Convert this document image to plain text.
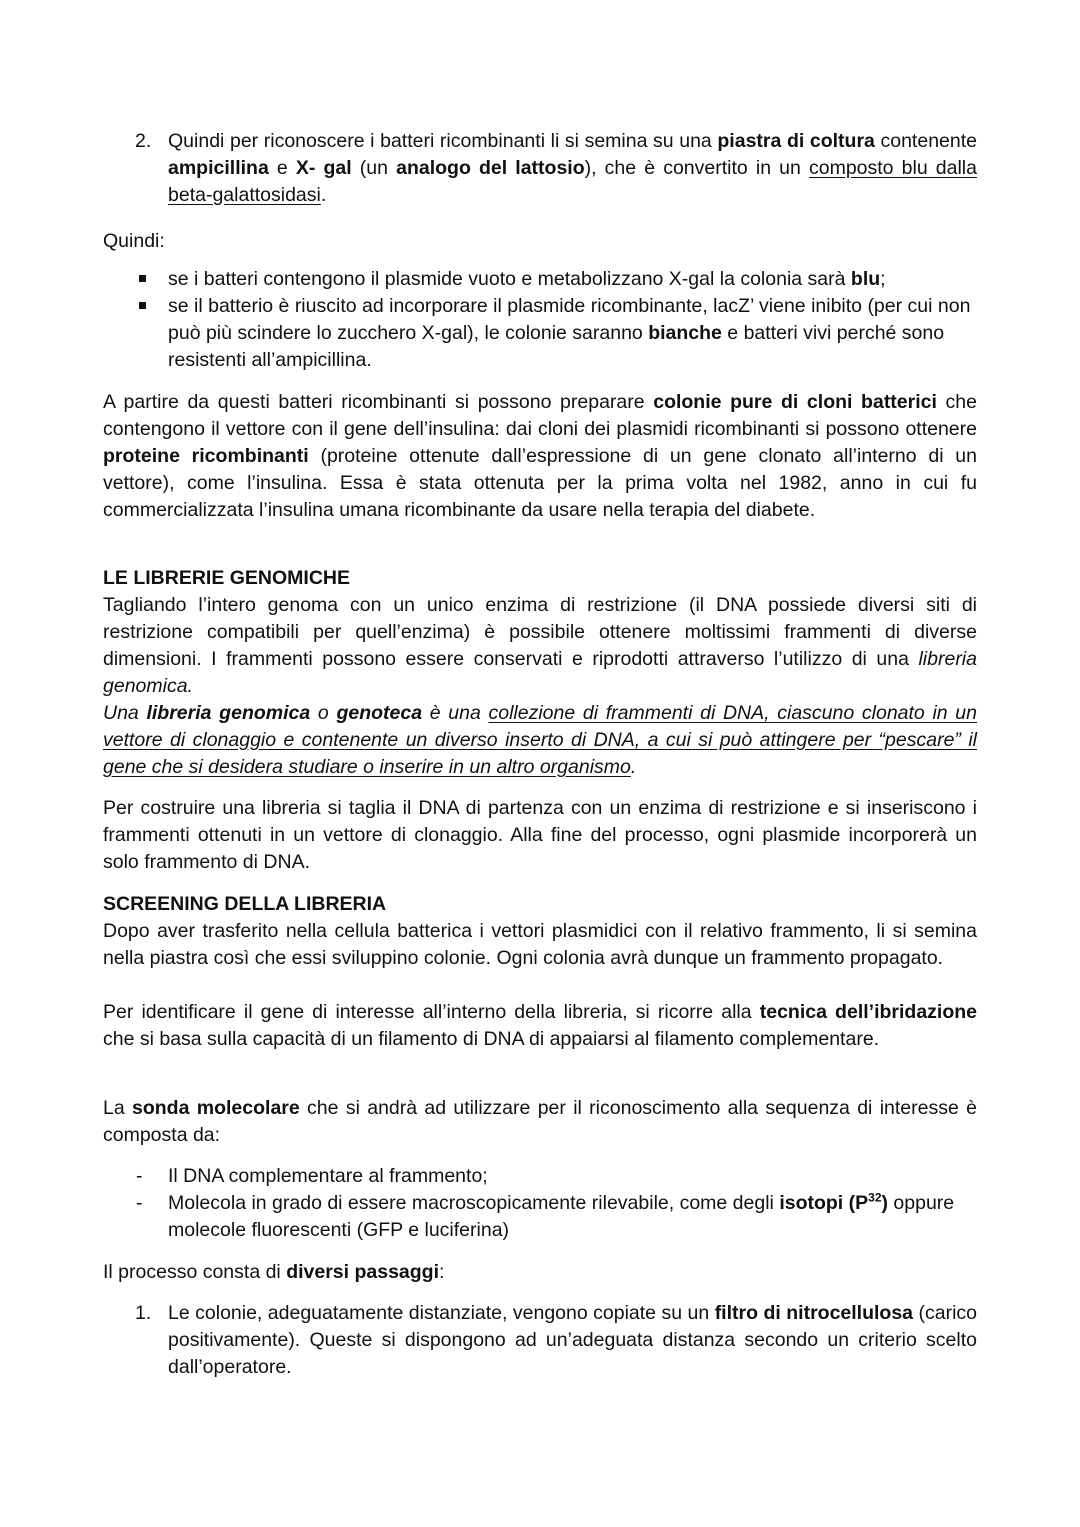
2. Quindi per riconoscere i batteri ricombinanti li si semina su una piastra di coltura contenente ampicillina e X- gal (un analogo del lattosio), che è convertito in un composto blu dalla beta-galattosidasi.
Quindi:
se i batteri contengono il plasmide vuoto e metabolizzano X-gal la colonia sarà blu;
se il batterio è riuscito ad incorporare il plasmide ricombinante, lacZ’ viene inibito (per cui non può più scindere lo zucchero X-gal), le colonie saranno bianche e batteri vivi perché sono resistenti all’ampicillina.
A partire da questi batteri ricombinanti si possono preparare colonie pure di cloni batterici che contengono il vettore con il gene dell’insulina: dai cloni dei plasmidi ricombinanti si possono ottenere proteine ricombinanti (proteine ottenute dall’espressione di un gene clonato all’interno di un vettore), come l’insulina. Essa è stata ottenuta per la prima volta nel 1982, anno in cui fu commercializzata l’insulina umana ricombinante da usare nella terapia del diabete.
LE LIBRERIE GENOMICHE
Tagliando l’intero genoma con un unico enzima di restrizione (il DNA possiede diversi siti di restrizione compatibili per quell’enzima) è possibile ottenere moltissimi frammenti di diverse dimensioni. I frammenti possono essere conservati e riprodotti attraverso l’utilizzo di una libreria genomica.
Una libreria genomica o genoteca è una collezione di frammenti di DNA, ciascuno clonato in un vettore di clonaggio e contenente un diverso inserto di DNA, a cui si può attingere per “pescare” il gene che si desidera studiare o inserire in un altro organismo.
Per costruire una libreria si taglia il DNA di partenza con un enzima di restrizione e si inseriscono i frammenti ottenuti in un vettore di clonaggio. Alla fine del processo, ogni plasmide incorporerà un solo frammento di DNA.
SCREENING DELLA LIBRERIA
Dopo aver trasferito nella cellula batterica i vettori plasmidici con il relativo frammento, li si semina nella piastra così che essi sviluppino colonie. Ogni colonia avrà dunque un frammento propagato.
Per identificare il gene di interesse all’interno della libreria, si ricorre alla tecnica dell’ibridazione che si basa sulla capacità di un filamento di DNA di appaiarsi al filamento complementare.
La sonda molecolare che si andrà ad utilizzare per il riconoscimento alla sequenza di interesse è composta da:
-	Il DNA complementare al frammento;
-	Molecola in grado di essere macroscopicamente rilevabile, come degli isotopi $(P^{32})$ oppure molecole fluorescenti (GFP e luciferina)
Il processo consta di diversi passaggi:
1. Le colonie, adeguatamente distanziate, vengono copiate su un filtro di nitrocellulosa (carico positivamente). Queste si dispongono ad un’adeguata distanza secondo un criterio scelto dall’operatore.
